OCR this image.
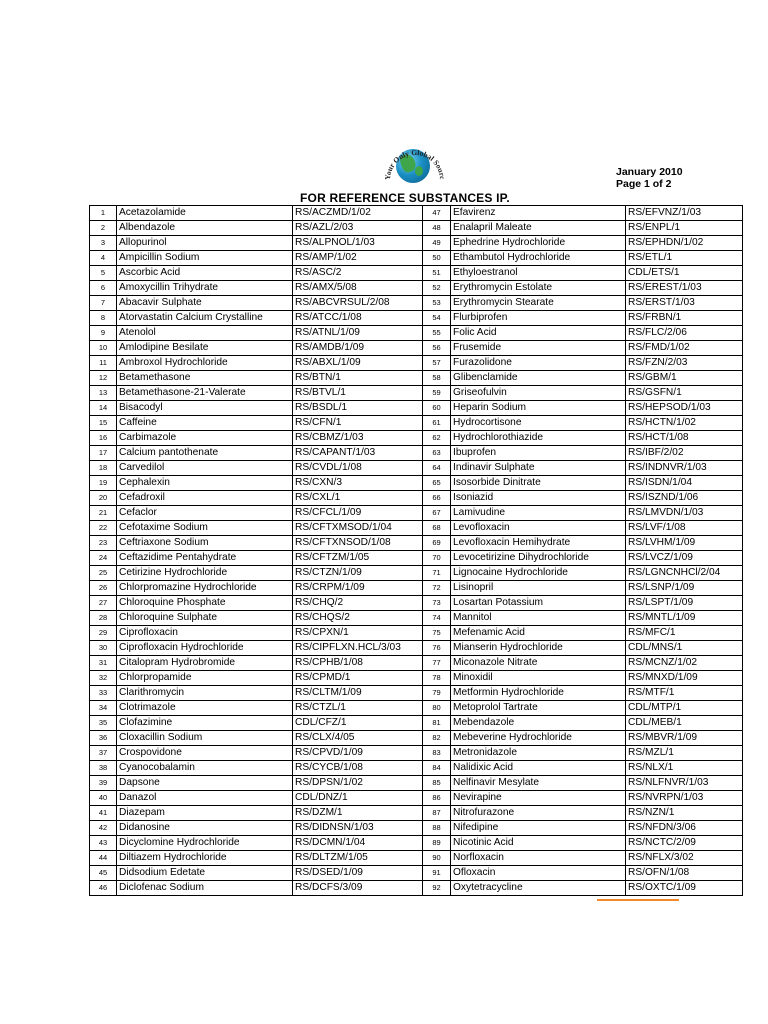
Your Only Global Sourc	January 2010
Page 1 of 2
FOR REFERENCE SUBSTANCES IP.
1	Acetazolamide	RS/ACZMD/1/02	47	Efavirenz	RS/EFVNZ/1/03
2	Albendazole	RS/AZL/2/03	48	Enalapril Maleate	RS/ENPL/1
3	Allopurinol	RS/ALPNOL/1/03	49	Ephedrine Hydrochloride	RS/EPHDN/1/02
4	Ampicillin Sodium	RS/AMP/1/02	50	Ethambutol Hydrochloride	RS/ETL/1
5	Ascorbic Acid	RS/ASC/2	51	Ethyloestranol	CDL/ETS/1
6	Amoxycillin Trihydrate	RS/AMX/5/08	52	Erythromycin Estolate	RS/EREST/1/03
7	Abacavir Sulphate	RS/ABCVRSUL/2/08	53	Erythromycin Stearate	RS/ERST/1/03
8	Atorvastatin Calcium Crystalline	RS/ATCC/1/08	54	Flurbiprofen	RS/FRBN/1
9	Atenolol	RS/ATNL/1/09	55	Folic Acid	RS/FLC/2/06
10	Amlodipine Besilate	RS/AMDB/1/09	56	Frusemide	RS/FMD/1/02
11	Ambroxol Hydrochloride	RS/ABXL/1/09	57	Furazolidone	RS/FZN/2/03
12	Betamethasone	RS/BTN/1	58	Glibenclamide	RS/GBM/1
13	Betamethasone-21-Valerate	RS/BTVL/1	59	Griseofulvin	RS/GSFN/1
14	Bisacodyl	RS/BSDL/1	60	Heparin Sodium	RS/HEPSOD/1/03
15	Caffeine	RS/CFN/1	61	Hydrocortisone	RS/HCTN/1/02
16	Carbimazole	RS/CBMZ/1/03	62	Hydrochlorothiazide	RS/HCT/1/08
17	Calcium pantothenate	RS/CAPANT/1/03	63	Ibuprofen	RS/IBF/2/02
18	Carvedilol	RS/CVDL/1/08	64	Indinavir Sulphate	RS/INDNVR/1/03
19	Cephalexin	RS/CXN/3	65	Isosorbide Dinitrate	RS/ISDN/1/04
20	Cefadroxil	RS/CXL/1	66	Isoniazid	RS/ISZND/1/06
21	Cefaclor	RS/CFCL/1/09	67	Lamivudine	RS/LMVDN/1/03
22	Cefotaxime Sodium	RS/CFTXMSOD/1/04	68	Levofloxacin	RS/LVF/1/08
23	Ceftriaxone Sodium	RS/CFTXNSOD/1/08	69	Levofloxacin Hemihydrate	RS/LVHM/1/09
24	Ceftazidime Pentahydrate	RS/CFTZM/1/05	70	Levocetirizine Dihydrochloride	RS/LVCZ/1/09
25	Cetirizine Hydrochloride	RS/CTZN/1/09	71	Lignocaine Hydrochloride	RS/LGNCNHCl/2/04
26	Chlorpromazine Hydrochloride	RS/CRPM/1/09	72	Lisinopril	RS/LSNP/1/09
27	Chloroquine Phosphate	RS/CHQ/2	73	Losartan Potassium	RS/LSPT/1/09
28	Chloroquine Sulphate	RS/CHQS/2	74	Mannitol	RS/MNTL/1/09
29	Ciprofloxacin	RS/CPXN/1	75	Mefenamic Acid	RS/MFC/1
30	Ciprofloxacin Hydrochloride	RS/CIPFLXN.HCL/3/03	76	Mianserin Hydrochloride	CDL/MNS/1
31	Citalopram Hydrobromide	RS/CPHB/1/08	77	Miconazole Nitrate	RS/MCNZ/1/02
32	Chlorpropamide	RS/CPMD/1	78	Minoxidil	RS/MNXD/1/09
33	Clarithromycin	RS/CLTM/1/09	79	Metformin Hydrochloride	RS/MTF/1
34	Clotrimazole	RS/CTZL/1	80	Metoprolol Tartrate	CDL/MTP/1
35	Clofazimine	CDL/CFZ/1	81	Mebendazole	CDL/MEB/1
36	Cloxacillin Sodium	RS/CLX/4/05	82	Mebeverine Hydrochloride	RS/MBVR/1/09
37	Crospovidone	RS/CPVD/1/09	83	Metronidazole	RS/MZL/1
38	Cyanocobalamin	RS/CYCB/1/08	84	Nalidixic Acid	RS/NLX/1
39	Dapsone	RS/DPSN/1/02	85	Nelfinavir Mesylate	RS/NLFNVR/1/03
40	Danazol	CDL/DNZ/1	86	Nevirapine	RS/NVRPN/1/03
41	Diazepam	RS/DZM/1	87	Nitrofurazone	RS/NZN/1
42	Didanosine	RS/DIDNSN/1/03	88	Nifedipine	RS/NFDN/3/06
43	Dicyclomine Hydrochloride	RS/DCMN/1/04	89	Nicotinic Acid	RS/NCTC/2/09
44	Diltiazem Hydrochloride	RS/DLTZM/1/05	90	Norfloxacin	RS/NFLX/3/02
45	Didsodium Edetate	RS/DSED/1/09	91	Ofloxacin	RS/OFN/1/08
46	Diclofenac Sodium	RS/DCFS/3/09	92	Oxytetracycline	RS/OXTC/1/09
